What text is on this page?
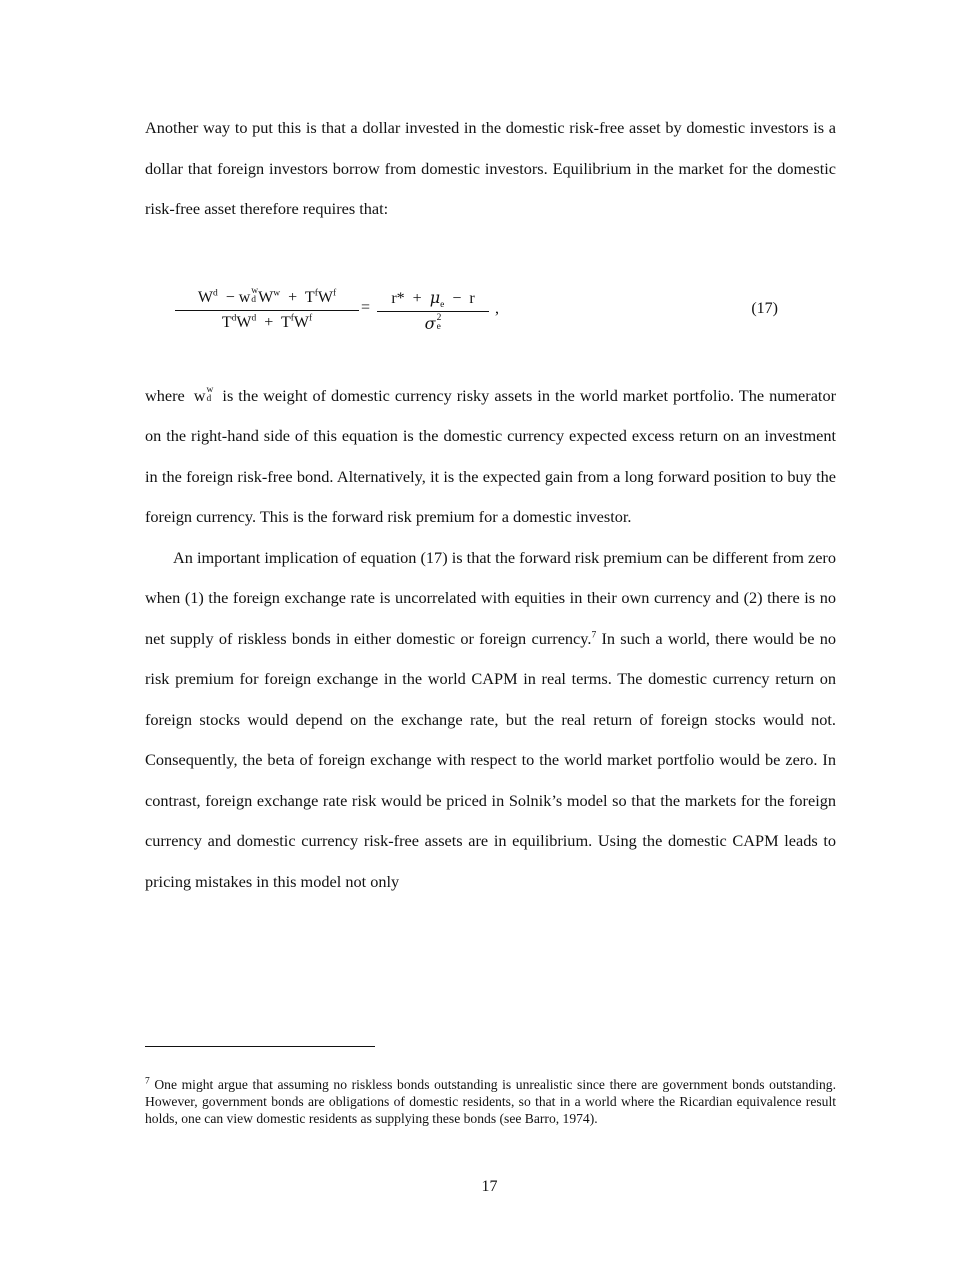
Another way to put this is that a dollar invested in the domestic risk-free asset by domestic investors is a dollar that foreign investors borrow from domestic investors. Equilibrium in the market for the domestic risk-free asset therefore requires that:

$W^d - w$ w
d $W^w + T^fW^f$
$T^dW^d + T^fW^f$
=
$r* + \mu_e - r$
σ 2
e
,	(17)

where w w
d is the weight of domestic currency risky assets in the world market portfolio. The numerator on the right-hand side of this equation is the domestic currency expected excess return on an investment in the foreign risk-free bond. Alternatively, it is the expected gain from a long forward position to buy the foreign currency. This is the forward risk premium for a domestic investor.

An important implication of equation (17) is that the forward risk premium can be different from zero when (1) the foreign exchange rate is uncorrelated with equities in their own currency and (2) there is no net supply of riskless bonds in either domestic or foreign currency.$^7$ In such a world, there would be no risk premium for foreign exchange in the world CAPM in real terms. The domestic currency return on foreign stocks would depend on the exchange rate, but the real return of foreign stocks would not. Consequently, the beta of foreign exchange with respect to the world market portfolio would be zero. In contrast, foreign exchange rate risk would be priced in Solnik’s model so that the markets for the foreign currency and domestic currency risk-free assets are in equilibrium. Using the domestic CAPM leads to pricing mistakes in this model not only

$^7$ One might argue that assuming no riskless bonds outstanding is unrealistic since there are government bonds outstanding. However, government bonds are obligations of domestic residents, so that in a world where the Ricardian equivalence result holds, one can view domestic residents as supplying these bonds (see Barro, 1974).
17
